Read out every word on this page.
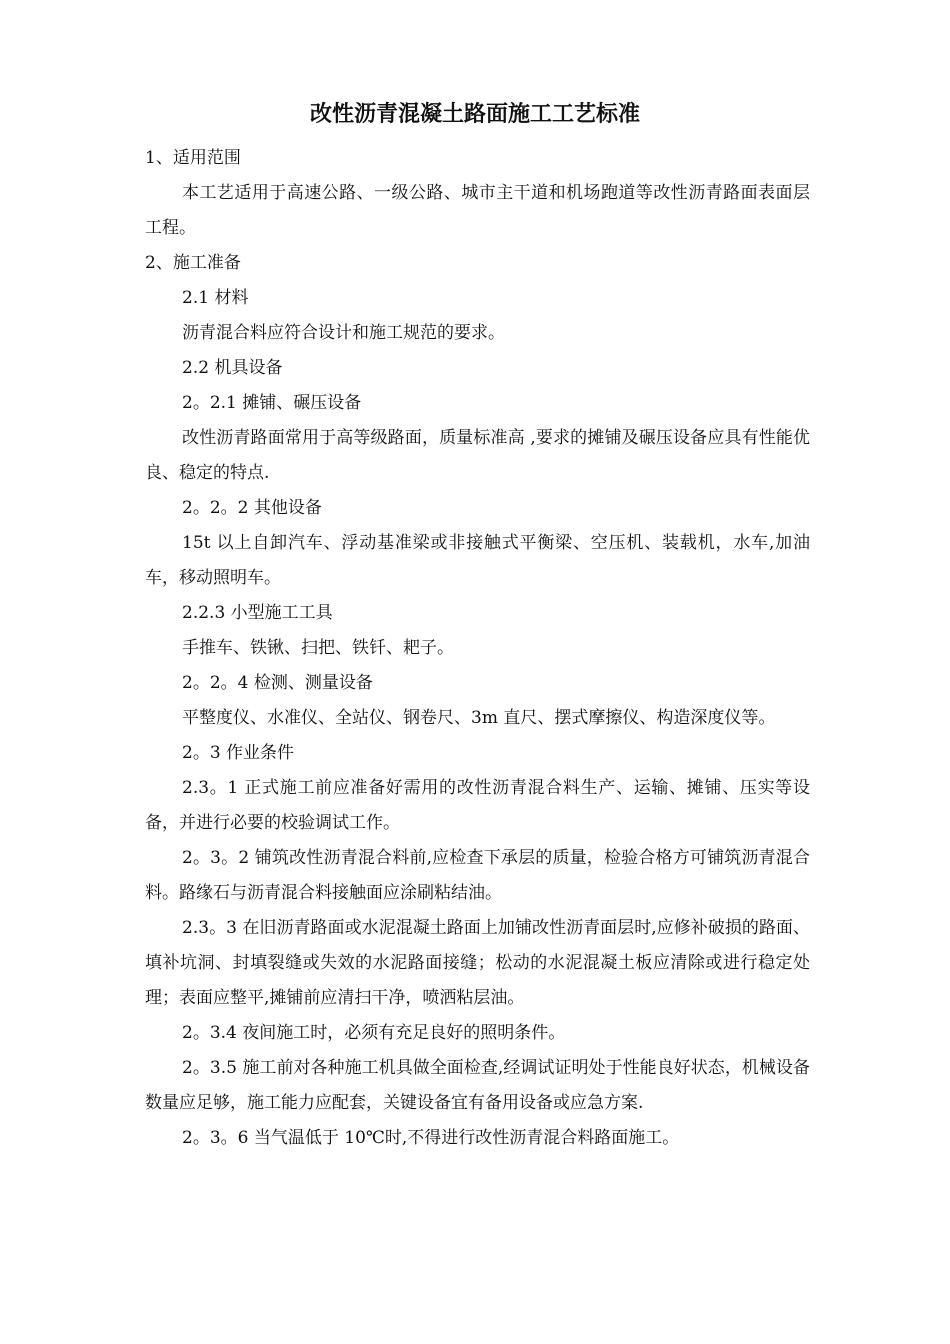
改性沥青混凝土路面施工工艺标准

1、适用范围

本工艺适用于高速公路、一级公路、城市主干道和机场跑道等改性沥青路面表面层工程。

2、施工准备

2.1 材料

沥青混合料应符合设计和施工规范的要求。

2.2 机具设备

2。2.1 摊铺、碾压设备

改性沥青路面常用于高等级路面，质量标准高 ,要求的摊铺及碾压设备应具有性能优良、稳定的特点.

2。2。2 其他设备

15t 以上自卸汽车、浮动基准梁或非接触式平衡梁、空压机、装载机，水车,加油车，移动照明车。

2.2.3 小型施工工具

手推车、铁锹、扫把、铁钎、耙子。

2。2。4 检测、测量设备

平整度仪、水准仪、全站仪、钢卷尺、3m 直尺、摆式摩擦仪、构造深度仪等。

2。3 作业条件

2.3。1 正式施工前应准备好需用的改性沥青混合料生产、运输、摊铺、压实等设备，并进行必要的校验调试工作。

2。3。2 铺筑改性沥青混合料前,应检查下承层的质量，检验合格方可铺筑沥青混合料。路缘石与沥青混合料接触面应涂刷粘结油。

2.3。3 在旧沥青路面或水泥混凝土路面上加铺改性沥青面层时,应修补破损的路面、填补坑洞、封填裂缝或失效的水泥路面接缝；松动的水泥混凝土板应清除或进行稳定处理；表面应整平,摊铺前应清扫干净，喷洒粘层油。

2。3.4 夜间施工时，必须有充足良好的照明条件。

2。3.5 施工前对各种施工机具做全面检查,经调试证明处于性能良好状态，机械设备数量应足够，施工能力应配套，关键设备宜有备用设备或应急方案.

2。3。6 当气温低于 10℃时,不得进行改性沥青混合料路面施工。
